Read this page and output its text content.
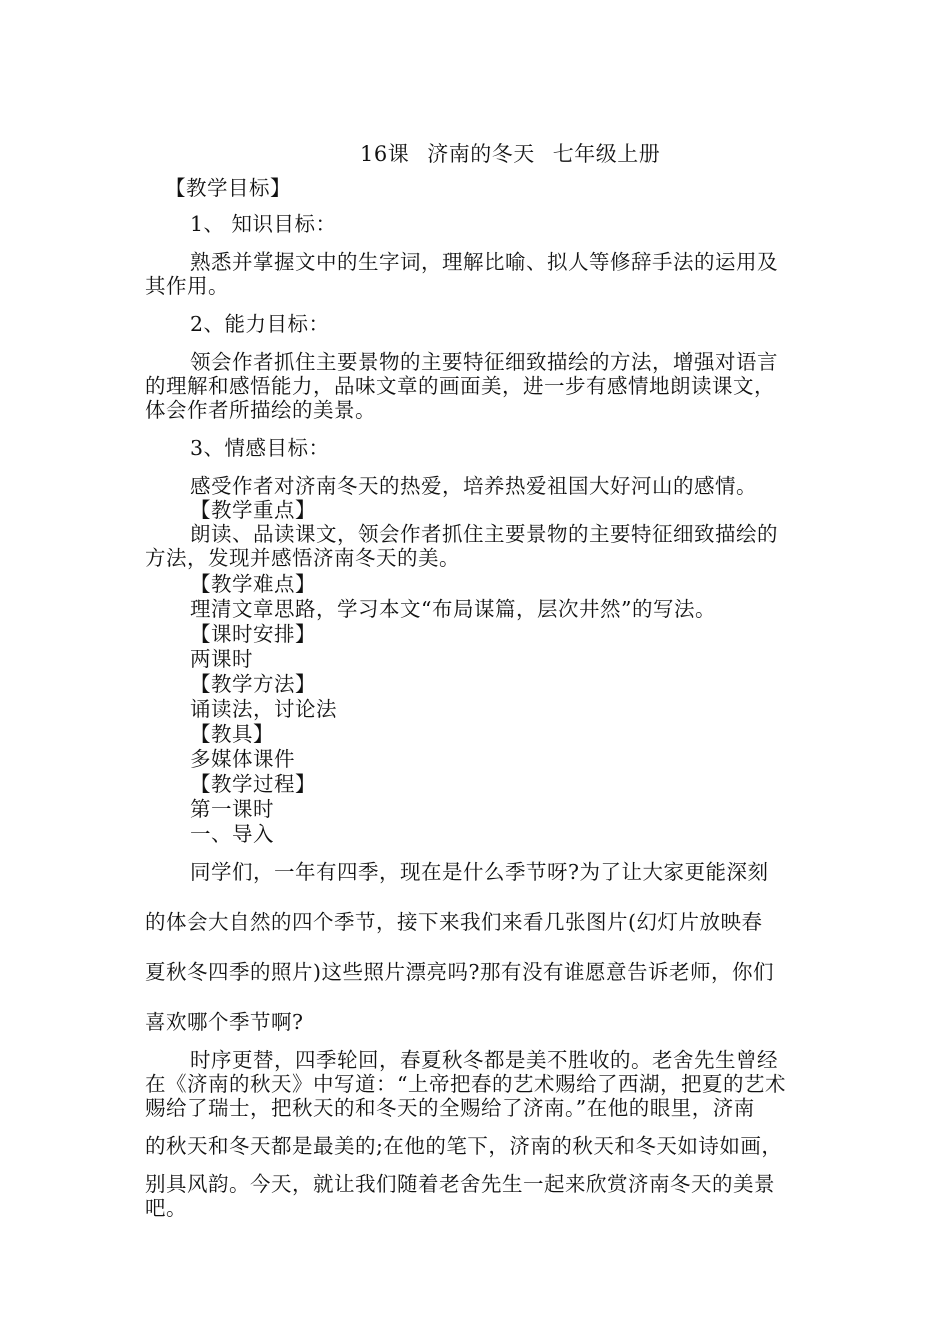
16课 济南的冬天 七年级上册
【教学目标】
1、 知识目标：
熟悉并掌握文中的生字词，理解比喻、拟人等修辞手法的运用及
其作用。
2、能力目标：
领会作者抓住主要景物的主要特征细致描绘的方法，增强对语言
的理解和感悟能力，品味文章的画面美，进一步有感情地朗读课文，
体会作者所描绘的美景。
3、情感目标：
感受作者对济南冬天的热爱，培养热爱祖国大好河山的感情。
【教学重点】
朗读、品读课文，领会作者抓住主要景物的主要特征细致描绘的
方法，发现并感悟济南冬天的美。
【教学难点】
理清文章思路，学习本文“布局谋篇，层次井然”的写法。
【课时安排】
两课时
【教学方法】
诵读法，讨论法
【教具】
多媒体课件
【教学过程】
第一课时
一、导入
同学们，一年有四季，现在是什么季节呀?为了让大家更能深刻
的体会大自然的四个季节，接下来我们来看几张图片(幻灯片放映春
夏秋冬四季的照片)这些照片漂亮吗?那有没有谁愿意告诉老师，你们
喜欢哪个季节啊?
时序更替，四季轮回，春夏秋冬都是美不胜收的。老舍先生曾经
在《济南的秋天》中写道：“上帝把春的艺术赐给了西湖，把夏的艺术
赐给了瑞士，把秋天的和冬天的全赐给了济南。”在他的眼里，济南
的秋天和冬天都是最美的;在他的笔下，济南的秋天和冬天如诗如画，
别具风韵。今天，就让我们随着老舍先生一起来欣赏济南冬天的美景
吧。
